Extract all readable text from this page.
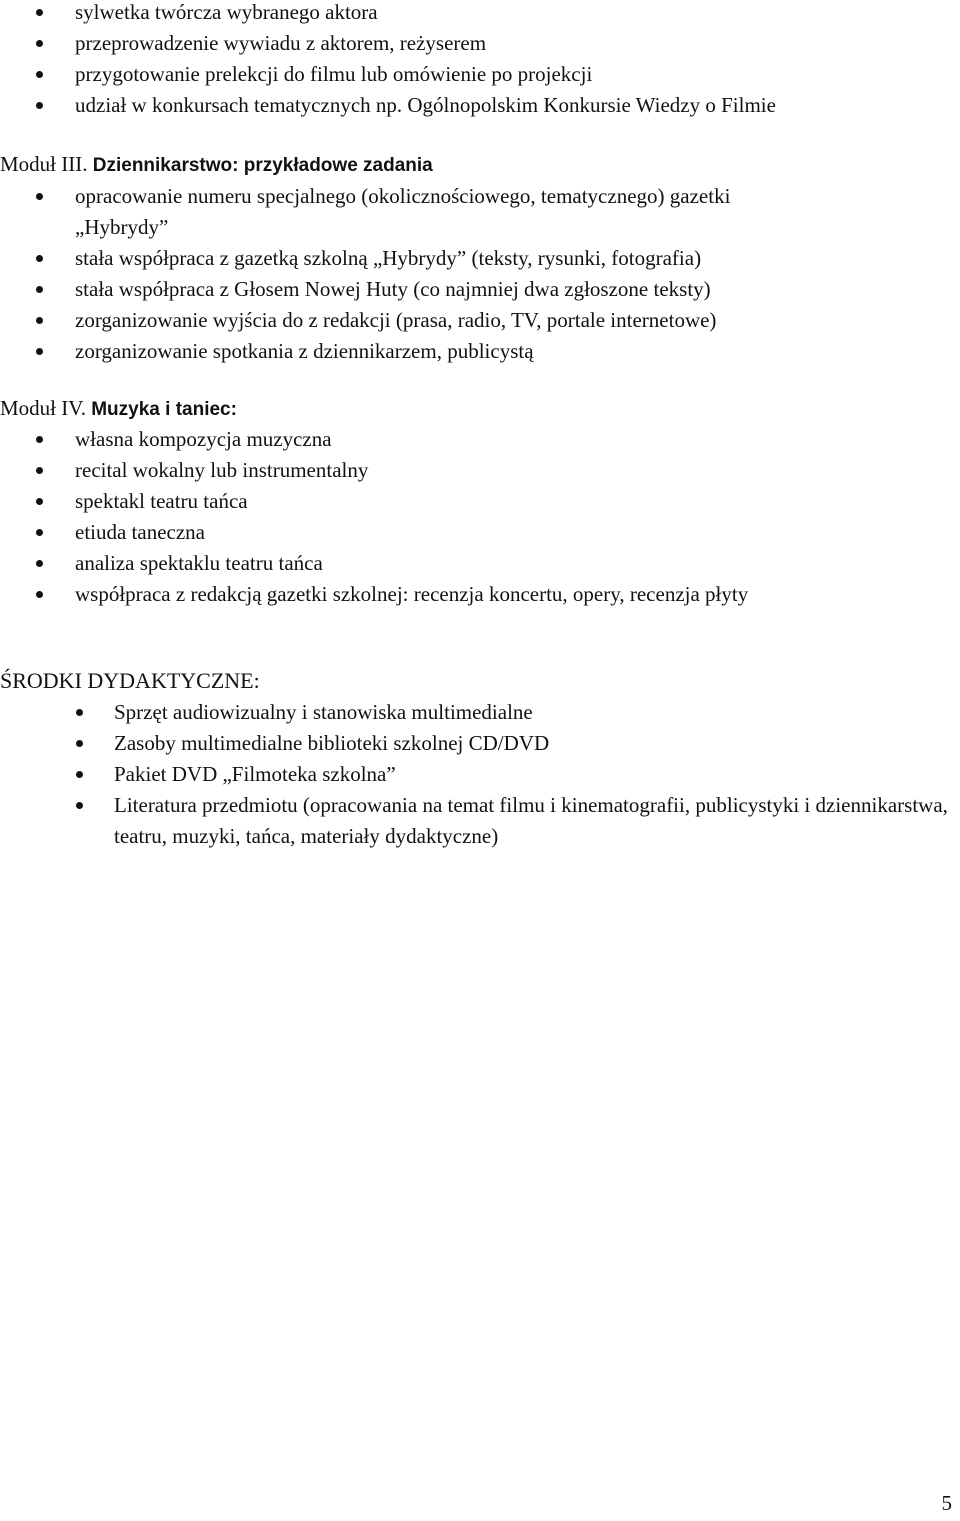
sylwetka twórcza wybranego aktora
przeprowadzenie wywiadu z aktorem, reżyserem
przygotowanie prelekcji do filmu lub omówienie po projekcji
udział w konkursach tematycznych np. Ogólnopolskim Konkursie Wiedzy o Filmie
Moduł III. Dziennikarstwo: przykładowe zadania
opracowanie numeru specjalnego (okolicznościowego, tematycznego) gazetki
„Hybrydy”
stała współpraca z gazetką szkolną „Hybrydy” (teksty, rysunki, fotografia)
stała współpraca z Głosem Nowej Huty (co najmniej dwa zgłoszone teksty)
zorganizowanie wyjścia do z redakcji (prasa, radio, TV, portale internetowe)
zorganizowanie spotkania z dziennikarzem, publicystą
Moduł IV. Muzyka i taniec:
własna kompozycja muzyczna
recital wokalny lub instrumentalny
spektakl teatru tańca
etiuda taneczna
analiza spektaklu teatru tańca
współpraca z redakcją gazetki szkolnej: recenzja koncertu, opery, recenzja płyty
ŚRODKI DYDAKTYCZNE:
Sprzęt audiowizualny i stanowiska multimedialne
Zasoby multimedialne biblioteki szkolnej CD/DVD
Pakiet DVD „Filmoteka szkolna”
Literatura przedmiotu (opracowania na temat filmu i kinematografii, publicystyki i dziennikarstwa, teatru, muzyki, tańca, materiały dydaktyczne)
5
